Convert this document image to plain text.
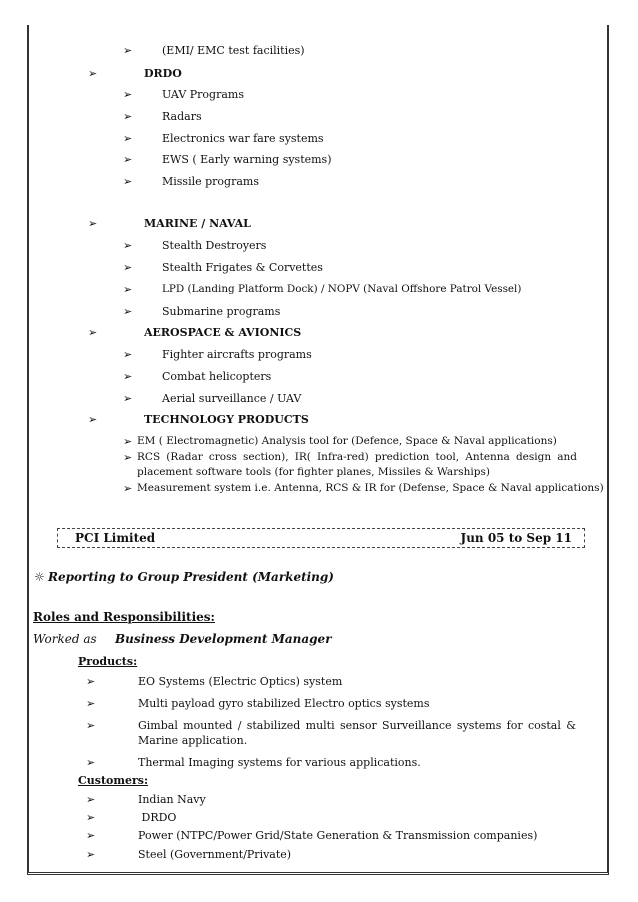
➢	(EMI/ EMC test facilities)
➢	DRDO
➢	UAV Programs
➢	Radars
➢	Electronics war fare systems
➢	EWS ( Early warning systems)
➢	Missile programs
➢	MARINE / NAVAL
➢	Stealth Destroyers
➢	Stealth Frigates & Corvettes
➢	LPD (Landing Platform Dock) / NOPV (Naval Offshore Patrol Vessel)
➢	Submarine programs
➢	AEROSPACE & AVIONICS
➢	Fighter aircrafts programs
➢	Combat helicopters
➢	Aerial surveillance / UAV
➢	TECHNOLOGY PRODUCTS
➢ EM ( Electromagnetic) Analysis tool for (Defence, Space & Naval applications)
➢ RCS (Radar cross section), IR( Infra-red) prediction tool, Antenna design and placement software tools (for fighter planes, Missiles & Warships)
➢ Measurement system i.e. Antenna, RCS & IR for (Defense, Space & Naval applications)
PCI Limited	Jun 05 to Sep 11
☼ Reporting to Group President (Marketing)
Roles and Responsibilities:
Worked as Business Development Manager
Products:
➢	EO Systems (Electric Optics) system
➢	Multi payload gyro stabilized Electro optics systems
➢	Gimbal mounted / stabilized multi sensor Surveillance systems for costal & Marine application.
➢	Thermal Imaging systems for various applications.
Customers:
➢	Indian Navy
➢	DRDO
➢	Power (NTPC/Power Grid/State Generation & Transmission companies)
➢	Steel (Government/Private)
